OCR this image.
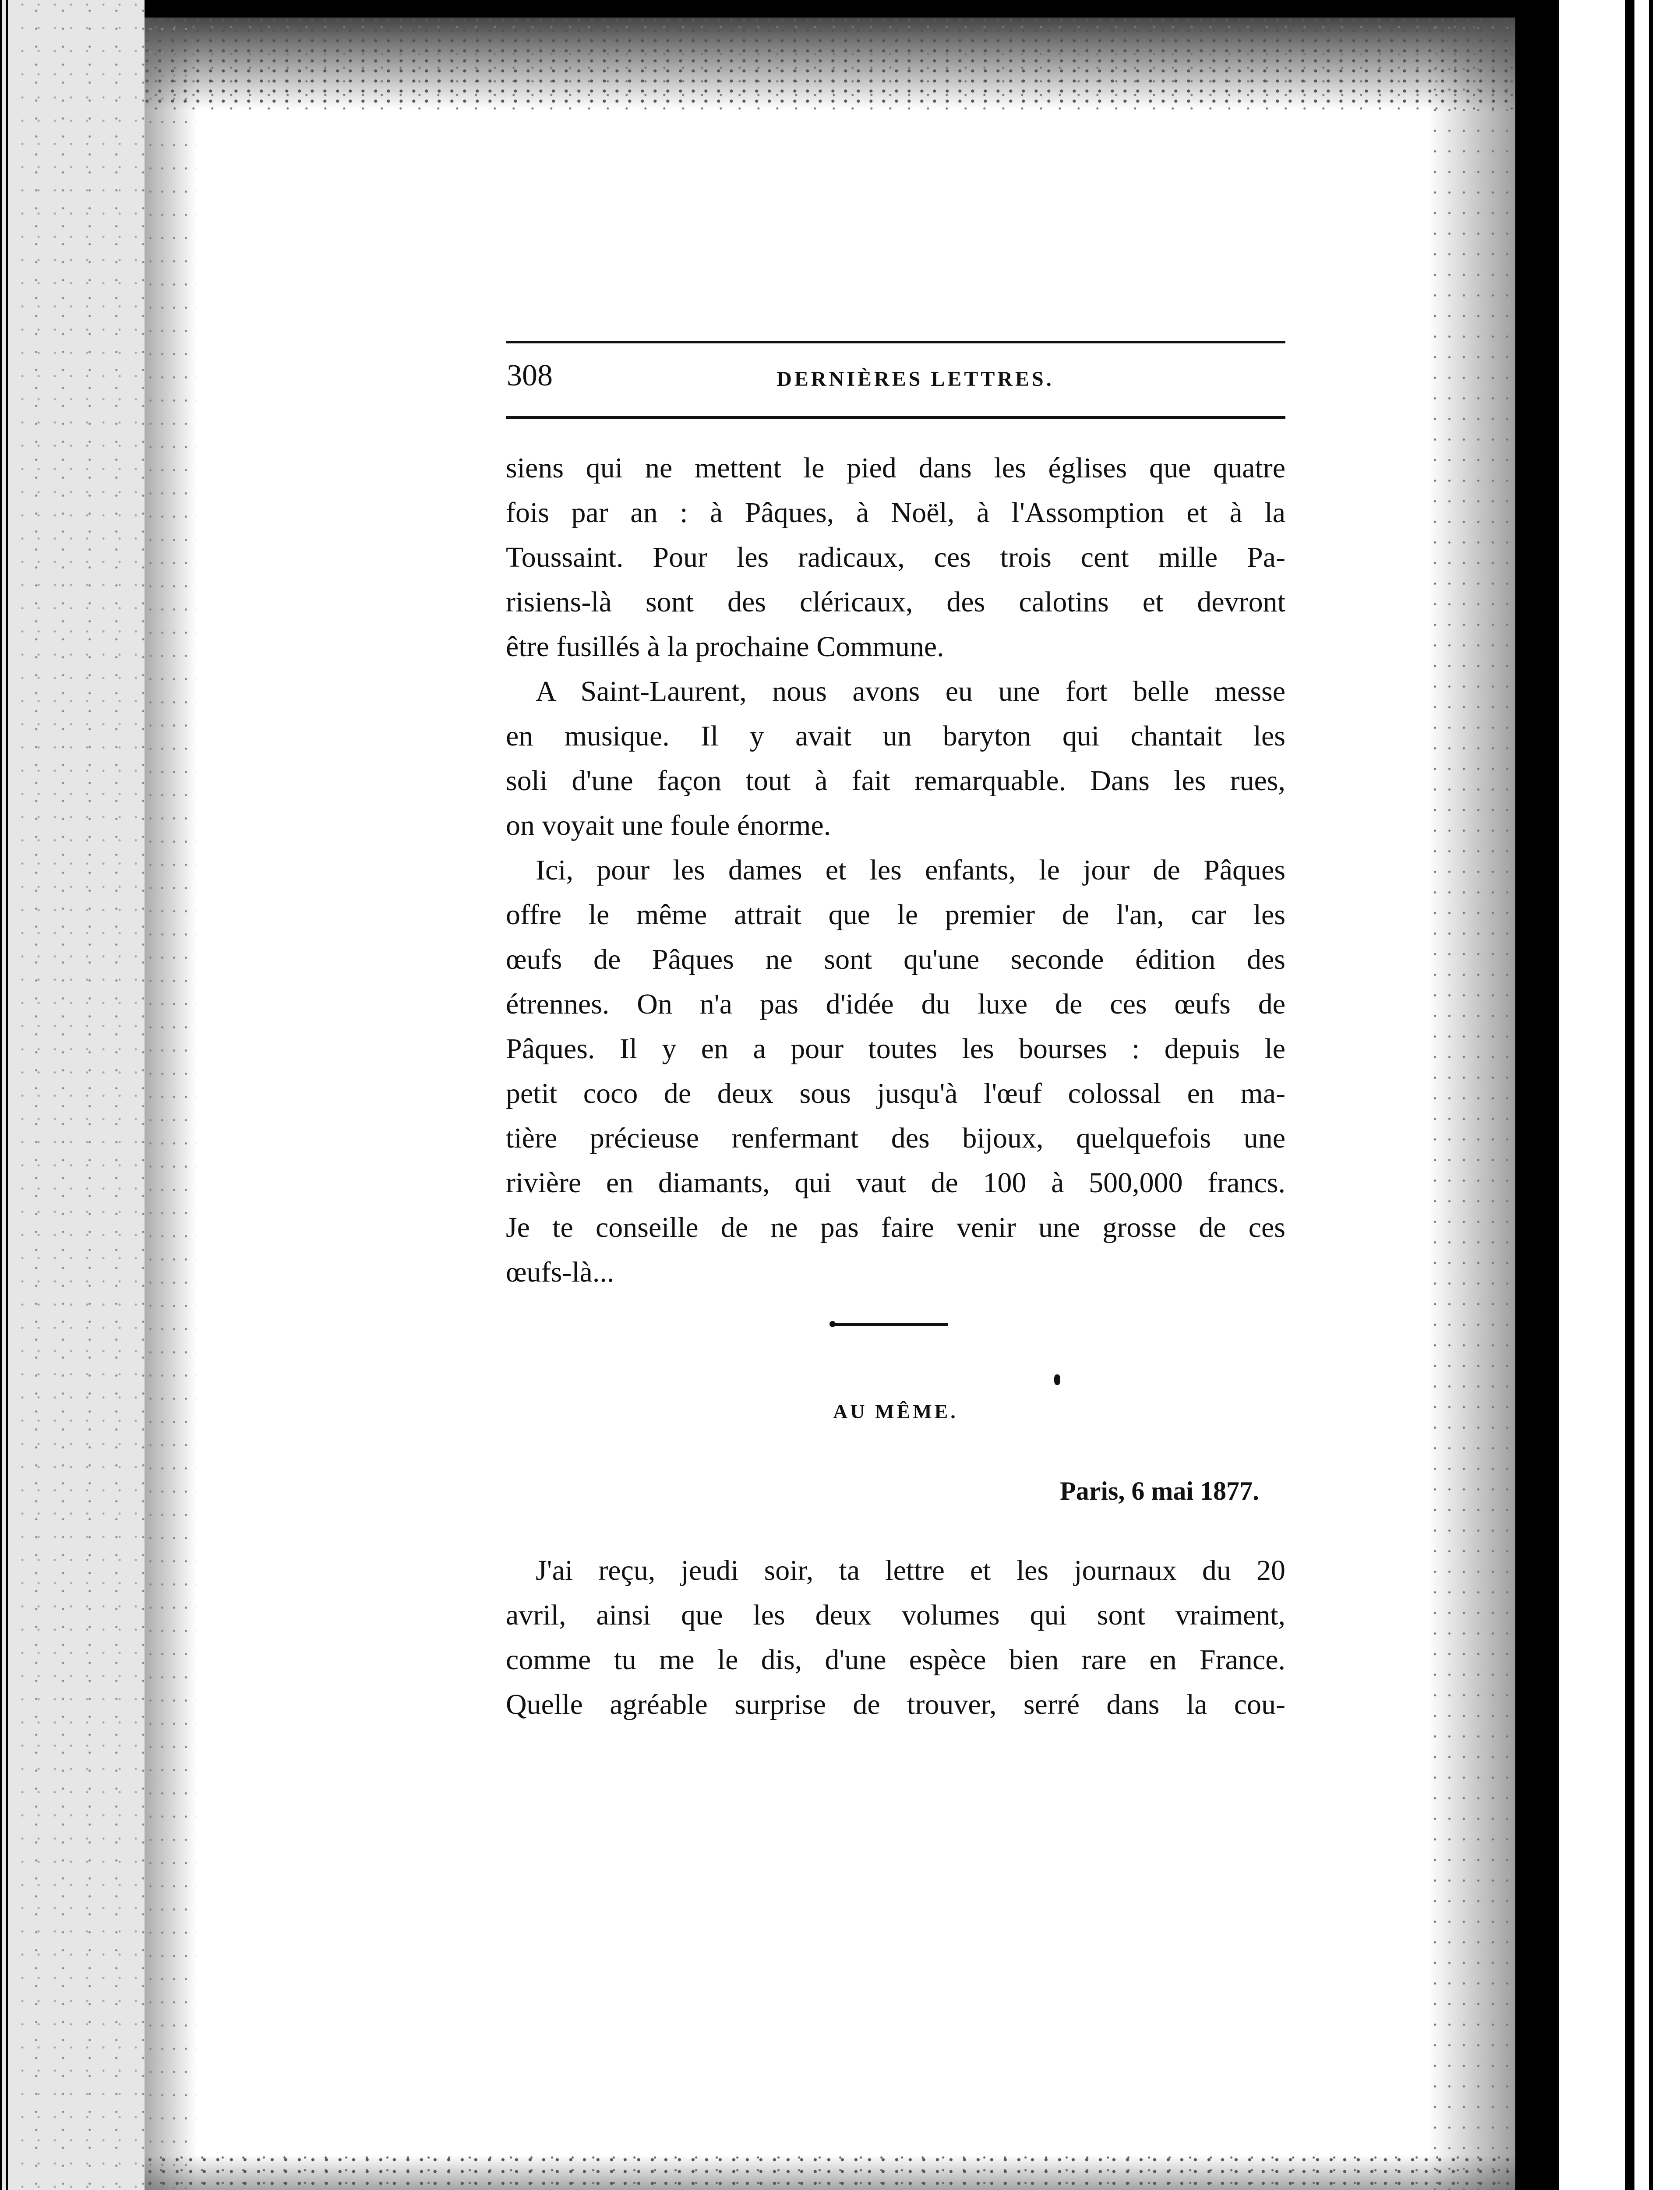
308	DERNIÈRES LETTRES.

siens qui ne mettent le pied dans les églises que quatre
fois par an : à Pâques, à Noël, à l'Assomption et à la
Toussaint. Pour les radicaux, ces trois cent mille Pa-
risiens-là sont des cléricaux, des calotins et devront
être fusillés à la prochaine Commune.

A Saint-Laurent, nous avons eu une fort belle messe
en musique. Il y avait un baryton qui chantait les
soli d'une façon tout à fait remarquable. Dans les rues,
on voyait une foule énorme.

Ici, pour les dames et les enfants, le jour de Pâques
offre le même attrait que le premier de l'an, car les
œufs de Pâques ne sont qu'une seconde édition des
étrennes. On n'a pas d'idée du luxe de ces œufs de
Pâques. Il y en a pour toutes les bourses : depuis le
petit coco de deux sous jusqu'à l'œuf colossal en ma-
tière précieuse renfermant des bijoux, quelquefois une
rivière en diamants, qui vaut de 100 à 500,000 francs.
Je te conseille de ne pas faire venir une grosse de ces
œufs-là...

AU MÊME.
Paris, 6 mai 1877.
J'ai reçu, jeudi soir, ta lettre et les journaux du 20
avril, ainsi que les deux volumes qui sont vraiment,
comme tu me le dis, d'une espèce bien rare en France.
Quelle agréable surprise de trouver, serré dans la cou-
